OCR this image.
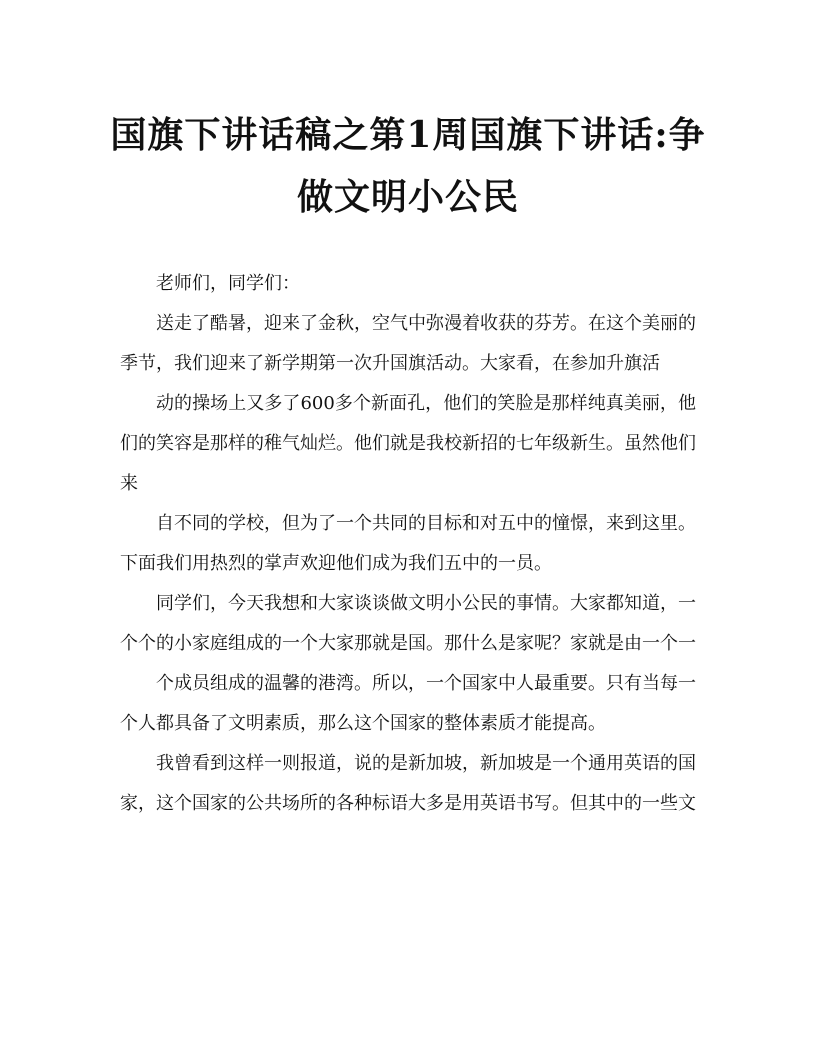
国旗下讲话稿之第1周国旗下讲话:争做文明小公民

老师们，同学们：

送走了酷暑，迎来了金秋，空气中弥漫着收获的芬芳。在这个美丽的季节，我们迎来了新学期第一次升国旗活动。大家看，在参加升旗活

动的操场上又多了600多个新面孔，他们的笑脸是那样纯真美丽，他们的笑容是那样的稚气灿烂。他们就是我校新招的七年级新生。虽然他们来

自不同的学校，但为了一个共同的目标和对五中的憧憬，来到这里。下面我们用热烈的掌声欢迎他们成为我们五中的一员。

同学们，今天我想和大家谈谈做文明小公民的事情。大家都知道，一个个的小家庭组成的一个大家那就是国。那什么是家呢？家就是由一个一

个成员组成的温馨的港湾。所以，一个国家中人最重要。只有当每一个人都具备了文明素质，那么这个国家的整体素质才能提高。

我曾看到这样一则报道，说的是新加坡，新加坡是一个通用英语的国家，这个国家的公共场所的各种标语大多是用英语书写。但其中的一些文
